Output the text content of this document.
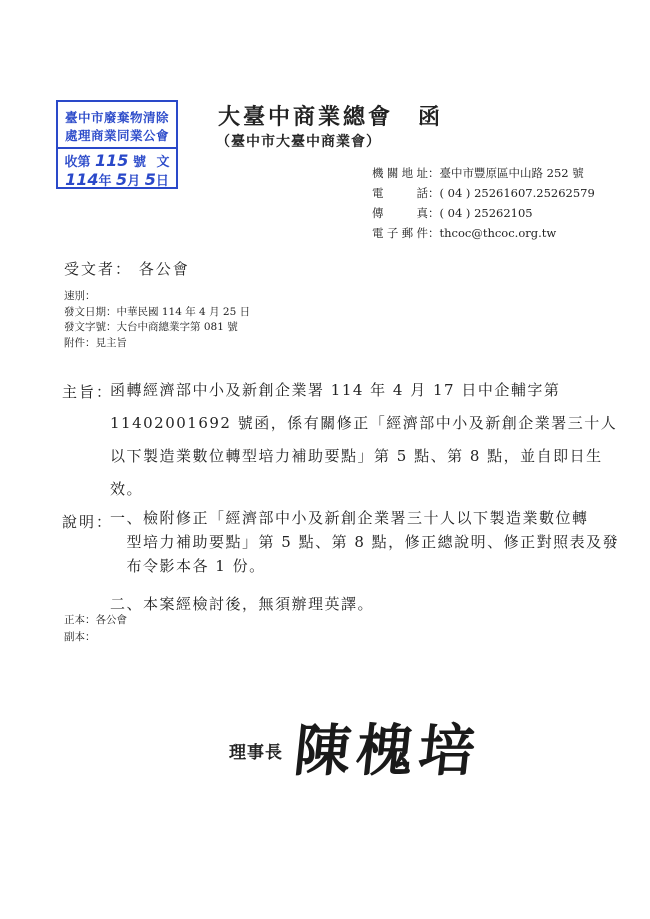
臺中市廢棄物清除
處理商業同業公會
收第 115 號 文
114年 5月 5日
大臺中商業總會　函
（臺中市大臺中商業會）
機關地址：臺中市豐原區中山路 252 號
電　　話：( 04 ) 25261607.25262579
傳　　真：( 04 ) 25262105
電子郵件：thcoc@thcoc.org.tw
受文者： 各公會
速別：
發文日期：中華民國 114 年 4 月 25 日
發文字號：大台中商總業字第 081 號
附件：見主旨
主旨：
函轉經濟部中小及新創企業署 114 年 4 月 17 日中企輔字第
11402001692 號函，係有關修正「經濟部中小及新創企業署三十人
以下製造業數位轉型培力補助要點」第 5 點、第 8 點，並自即日生
效。
說明：
一、檢附修正「經濟部中小及新創企業署三十人以下製造業數位轉
　型培力補助要點」第 5 點、第 8 點，修正總說明、修正對照表及發
　布令影本各 1 份。
二、本案經檢討後，無須辦理英譯。
正本：各公會
副本：
理事長 陳槐培
